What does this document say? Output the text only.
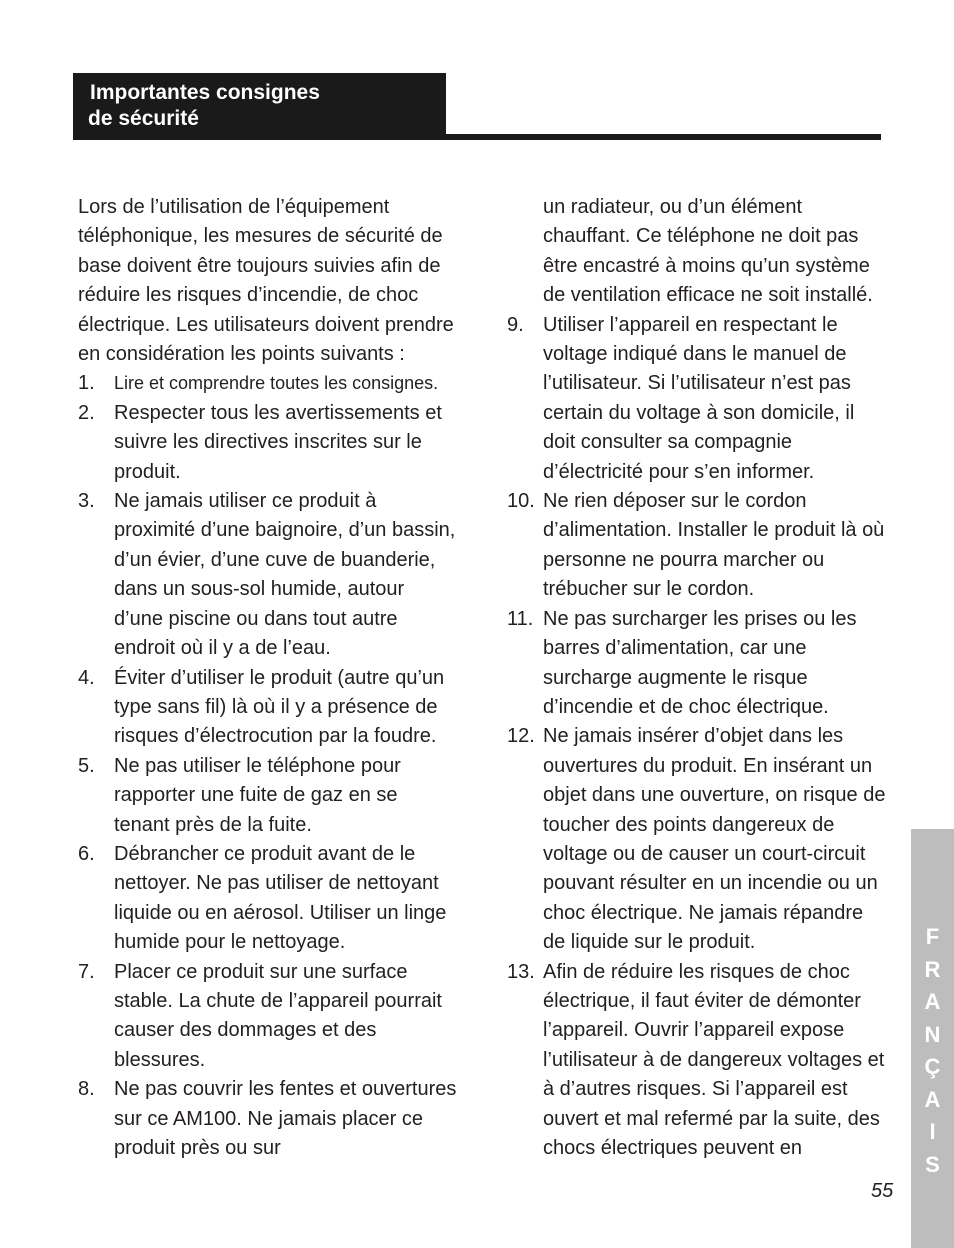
Importantes consignes
de sécurité

Lors de l’utilisation de l’équipement téléphonique, les mesures de sécurité de base doivent être toujours suivies afin de réduire les risques d’incendie, de choc électrique. Les utilisateurs doivent prendre en considération les points suivants :

1. Lire et comprendre toutes les consignes.
2. Respecter tous les avertissements et suivre les directives inscrites sur le produit.
3. Ne jamais utiliser ce produit à proximité d’une baignoire, d’un bassin, d’un évier, d’une cuve de buanderie, dans un sous-sol humide, autour d’une piscine ou dans tout autre endroit où il y a de l’eau.
4. Éviter d’utiliser le produit (autre qu’un type sans fil) là où il y a présence de risques d’électrocution par la foudre.
5. Ne pas utiliser le téléphone pour rapporter une fuite de gaz en se tenant près de la fuite.
6. Débrancher ce produit avant de le nettoyer. Ne pas utiliser de nettoyant liquide ou en aérosol. Utiliser un linge humide pour le nettoyage.
7. Placer ce produit sur une surface stable. La chute de l’appareil pourrait causer des dommages et des blessures.
8. Ne pas couvrir les fentes et ouvertures sur ce AM100. Ne jamais placer ce produit près ou sur

un radiateur, ou d’un élément chauffant. Ce téléphone ne doit pas être encastré à moins qu’un système de ventilation efficace ne soit installé.

9. Utiliser l’appareil en respectant le voltage indiqué dans le manuel de l’utilisateur. Si l’utilisateur n’est pas certain du voltage à son domicile, il doit consulter sa compagnie d’électricité pour s’en informer.
10. Ne rien déposer sur le cordon d’alimentation. Installer le produit là où personne ne pourra marcher ou trébucher sur le cordon.
11. Ne pas surcharger les prises ou les barres d’alimentation, car une surcharge augmente le risque d’incendie et de choc électrique.
12. Ne jamais insérer d’objet dans les ouvertures du produit. En insérant un objet dans une ouverture, on risque de toucher des points dangereux de voltage ou de causer un court-circuit pouvant résulter en un incendie ou un choc électrique. Ne jamais répandre de liquide sur le produit.
13. Afin de réduire les risques de choc électrique, il faut éviter de démonter l’appareil. Ouvrir l’appareil expose l’utilisateur à de dangereux voltages et à d’autres risques. Si l’appareil est ouvert et mal refermé par la suite, des chocs électriques peuvent en
F
R
A
N
Ç
A
I
S
55
